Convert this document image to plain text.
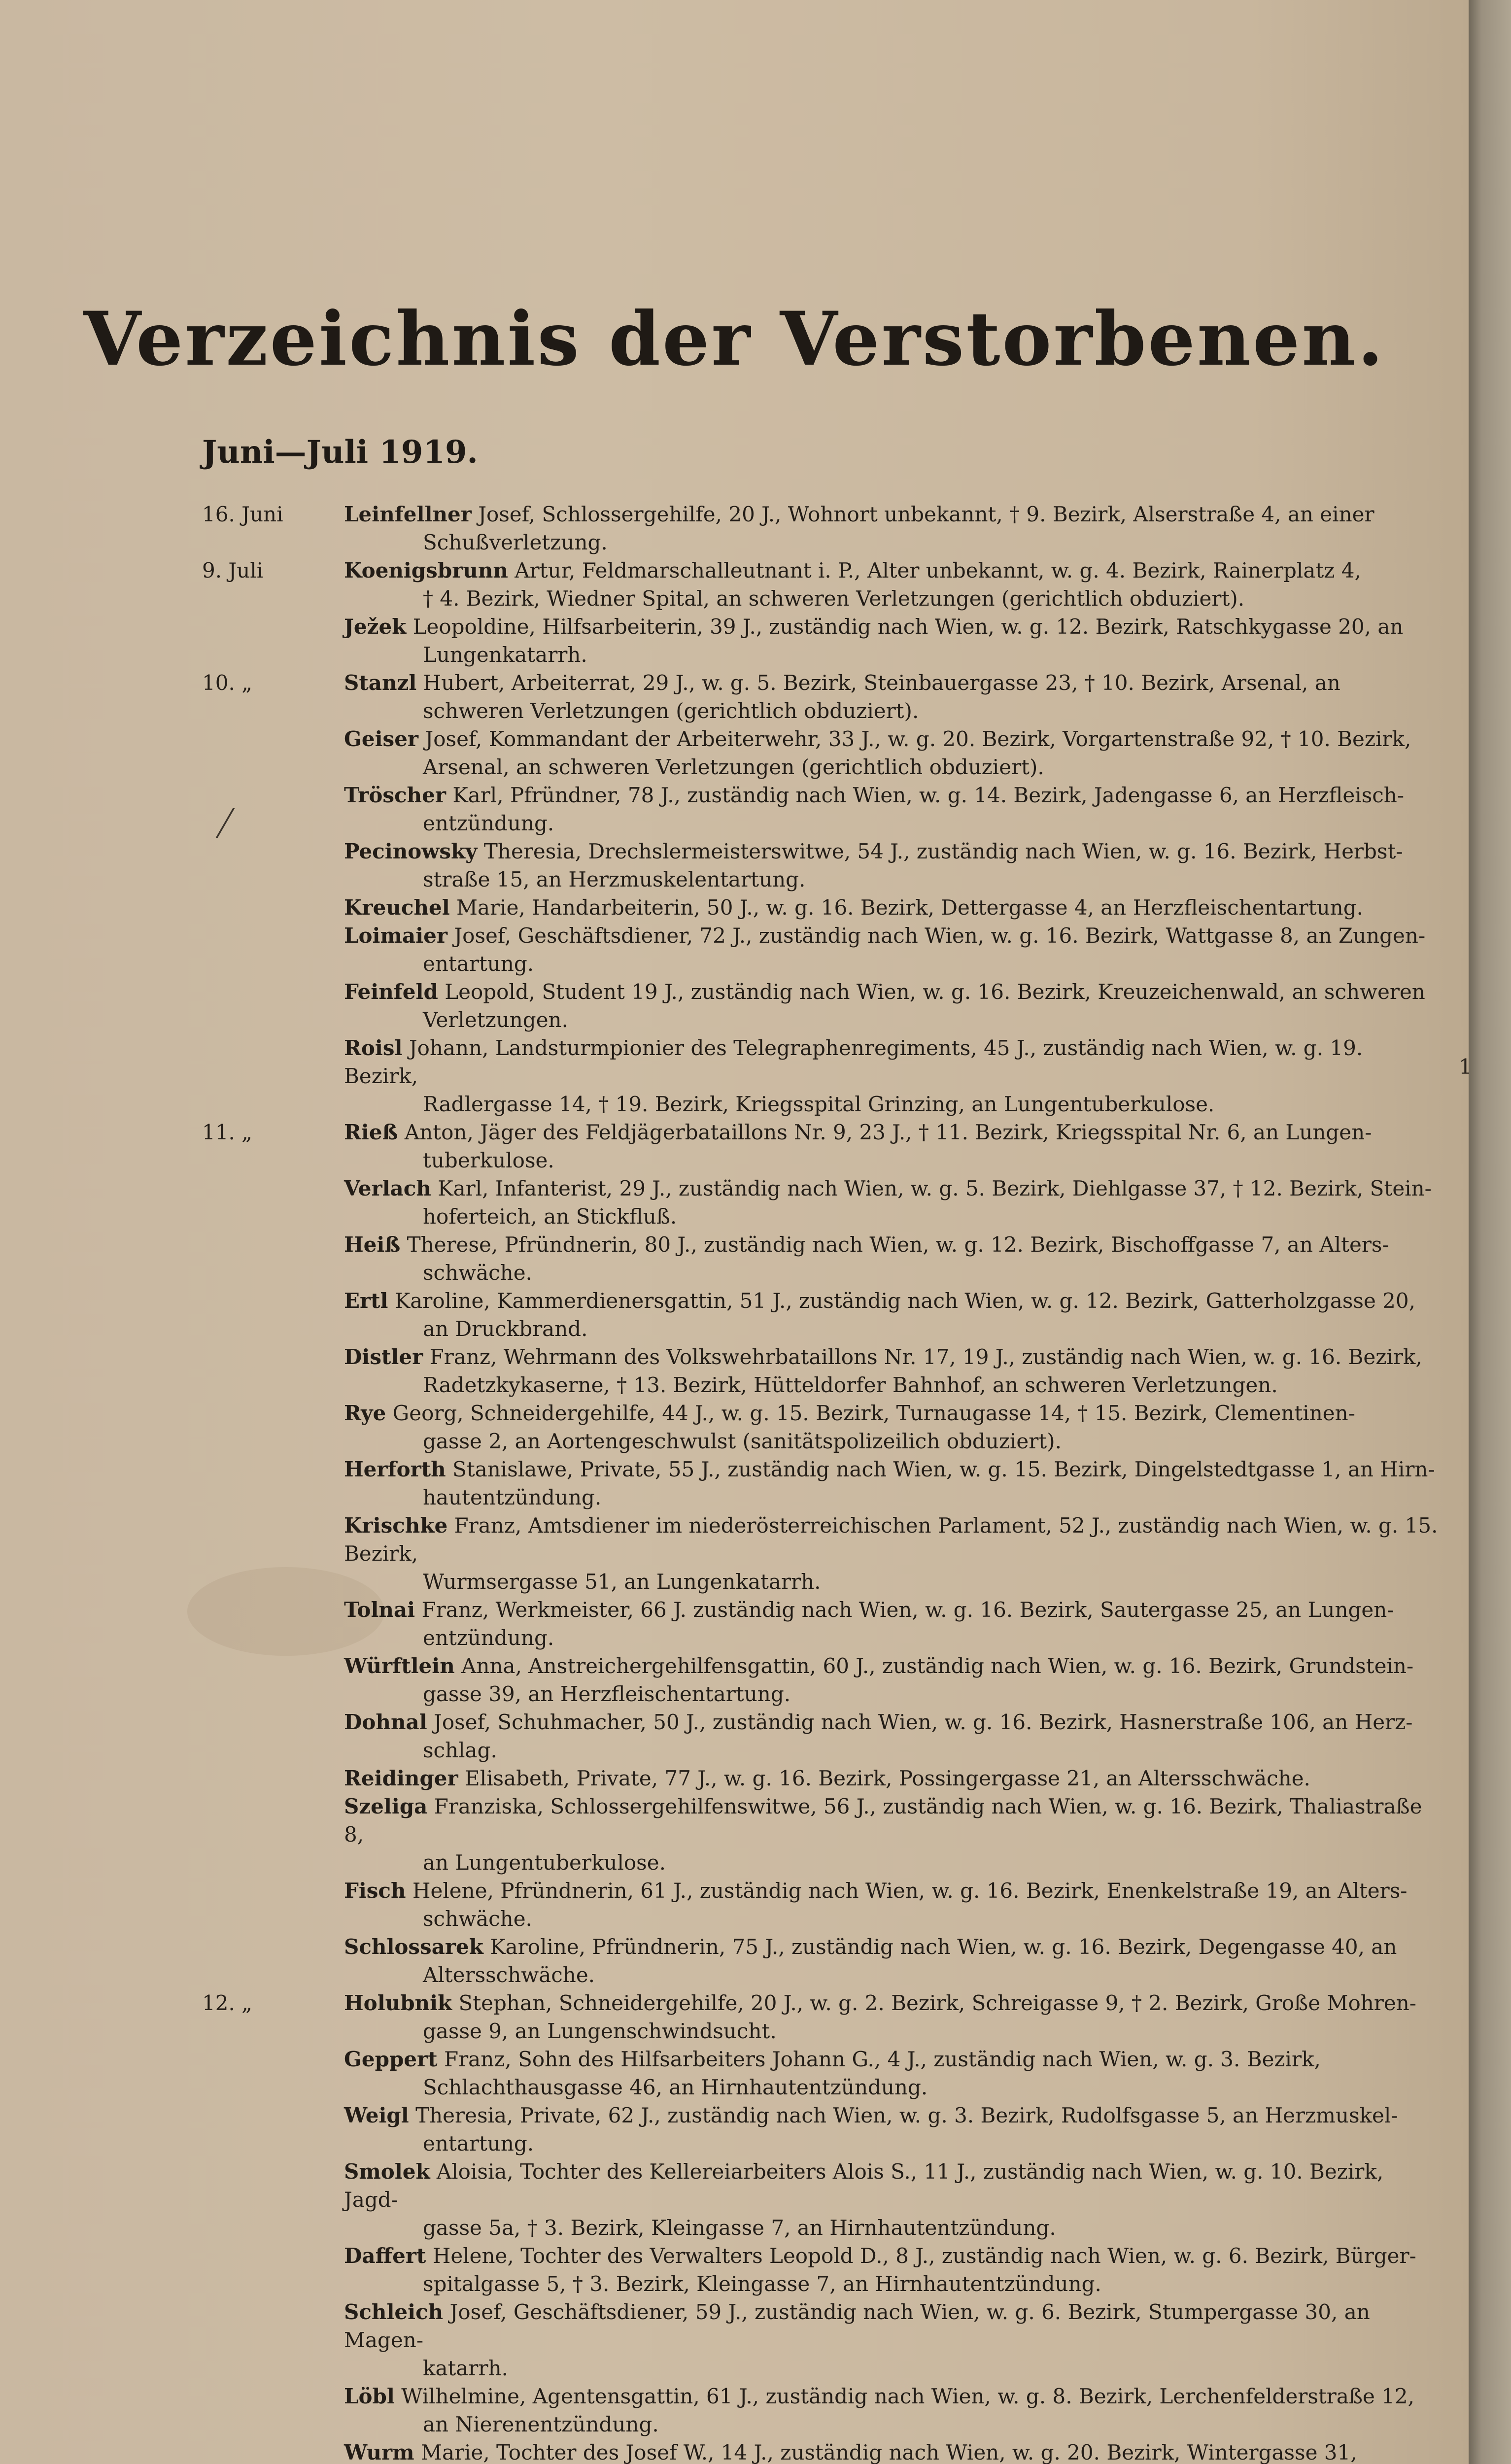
Verzeichnis der Verstorbenen.
Juni—Juli 1919.
16. Juni	Leinfellner Josef, Schlossergehilfe, 20 J., Wohnort unbekannt, † 9. Bezirk, Alserstraße 4, an einer
Schußverletzung.
9. Juli	Koenigsbrunn Artur, Feldmarschalleutnant i. P., Alter unbekannt, w. g. 4. Bezirk, Rainerplatz 4,
† 4. Bezirk, Wiedner Spital, an schweren Verletzungen (gerichtlich obduziert).
Ježek Leopoldine, Hilfsarbeiterin, 39 J., zuständig nach Wien, w. g. 12. Bezirk, Ratschkygasse 20, an
Lungenkatarrh.
10. „	Stanzl Hubert, Arbeiterrat, 29 J., w. g. 5. Bezirk, Steinbauergasse 23, † 10. Bezirk, Arsenal, an
schweren Verletzungen (gerichtlich obduziert).
Geiser Josef, Kommandant der Arbeiterwehr, 33 J., w. g. 20. Bezirk, Vorgartenstraße 92, † 10. Bezirk,
Arsenal, an schweren Verletzungen (gerichtlich obduziert).
Tröscher Karl, Pfründner, 78 J., zuständig nach Wien, w. g. 14. Bezirk, Jadengasse 6, an Herzfleisch-
entzündung.
Pecinowsky Theresia, Drechslermeisterswitwe, 54 J., zuständig nach Wien, w. g. 16. Bezirk, Herbst-
straße 15, an Herzmuskelentartung.
Kreuchel Marie, Handarbeiterin, 50 J., w. g. 16. Bezirk, Dettergasse 4, an Herzfleischentartung.
Loimaier Josef, Geschäftsdiener, 72 J., zuständig nach Wien, w. g. 16. Bezirk, Wattgasse 8, an Zungen-
entartung.
Feinfeld Leopold, Student 19 J., zuständig nach Wien, w. g. 16. Bezirk, Kreuzeichenwald, an schweren
Verletzungen.
Roisl Johann, Landsturmpionier des Telegraphenregiments, 45 J., zuständig nach Wien, w. g. 19. Bezirk,
Radlergasse 14, † 19. Bezirk, Kriegsspital Grinzing, an Lungentuberkulose.
11. „	Rieß Anton, Jäger des Feldjägerbataillons Nr. 9, 23 J., † 11. Bezirk, Kriegsspital Nr. 6, an Lungen-
tuberkulose.
Verlach Karl, Infanterist, 29 J., zuständig nach Wien, w. g. 5. Bezirk, Diehlgasse 37, † 12. Bezirk, Stein-
hoferteich, an Stickfluß.
Heiß Therese, Pfründnerin, 80 J., zuständig nach Wien, w. g. 12. Bezirk, Bischoffgasse 7, an Alters-
schwäche.
Ertl Karoline, Kammerdienersgattin, 51 J., zuständig nach Wien, w. g. 12. Bezirk, Gatterholzgasse 20,
an Druckbrand.
Distler Franz, Wehrmann des Volkswehrbataillons Nr. 17, 19 J., zuständig nach Wien, w. g. 16. Bezirk,
Radetzkykaserne, † 13. Bezirk, Hütteldorfer Bahnhof, an schweren Verletzungen.
Rye Georg, Schneidergehilfe, 44 J., w. g. 15. Bezirk, Turnaugasse 14, † 15. Bezirk, Clementinen-
gasse 2, an Aortengeschwulst (sanitätspolizeilich obduziert).
Herforth Stanislawe, Private, 55 J., zuständig nach Wien, w. g. 15. Bezirk, Dingelstedtgasse 1, an Hirn-
hautentzündung.
Krischke Franz, Amtsdiener im niederösterreichischen Parlament, 52 J., zuständig nach Wien, w. g. 15. Bezirk,
Wurmsergasse 51, an Lungenkatarrh.
Tolnai Franz, Werkmeister, 66 J. zuständig nach Wien, w. g. 16. Bezirk, Sautergasse 25, an Lungen-
entzündung.
Würftlein Anna, Anstreichergehilfensgattin, 60 J., zuständig nach Wien, w. g. 16. Bezirk, Grundstein-
gasse 39, an Herzfleischentartung.
Dohnal Josef, Schuhmacher, 50 J., zuständig nach Wien, w. g. 16. Bezirk, Hasnerstraße 106, an Herz-
schlag.
Reidinger Elisabeth, Private, 77 J., w. g. 16. Bezirk, Possingergasse 21, an Altersschwäche.
Szeliga Franziska, Schlossergehilfenswitwe, 56 J., zuständig nach Wien, w. g. 16. Bezirk, Thaliastraße 8,
an Lungentuberkulose.
Fisch Helene, Pfründnerin, 61 J., zuständig nach Wien, w. g. 16. Bezirk, Enenkelstraße 19, an Alters-
schwäche.
Schlossarek Karoline, Pfründnerin, 75 J., zuständig nach Wien, w. g. 16. Bezirk, Degengasse 40, an
Altersschwäche.
12. „	Holubnik Stephan, Schneidergehilfe, 20 J., w. g. 2. Bezirk, Schreigasse 9, † 2. Bezirk, Große Mohren-
gasse 9, an Lungenschwindsucht.
Geppert Franz, Sohn des Hilfsarbeiters Johann G., 4 J., zuständig nach Wien, w. g. 3. Bezirk,
Schlachthausgasse 46, an Hirnhautentzündung.
Weigl Theresia, Private, 62 J., zuständig nach Wien, w. g. 3. Bezirk, Rudolfsgasse 5, an Herzmuskel-
entartung.
Smolek Aloisia, Tochter des Kellereiarbeiters Alois S., 11 J., zuständig nach Wien, w. g. 10. Bezirk, Jagd-
gasse 5a, † 3. Bezirk, Kleingasse 7, an Hirnhautentzündung.
Daffert Helene, Tochter des Verwalters Leopold D., 8 J., zuständig nach Wien, w. g. 6. Bezirk, Bürger-
spitalgasse 5, † 3. Bezirk, Kleingasse 7, an Hirnhautentzündung.
Schleich Josef, Geschäftsdiener, 59 J., zuständig nach Wien, w. g. 6. Bezirk, Stumpergasse 30, an Magen-
katarrh.
Löbl Wilhelmine, Agentensgattin, 61 J., zuständig nach Wien, w. g. 8. Bezirk, Lerchenfelderstraße 12,
an Nierenentzündung.
Wurm Marie, Tochter des Josef W., 14 J., zuständig nach Wien, w. g. 20. Bezirk, Wintergasse 31,
1
